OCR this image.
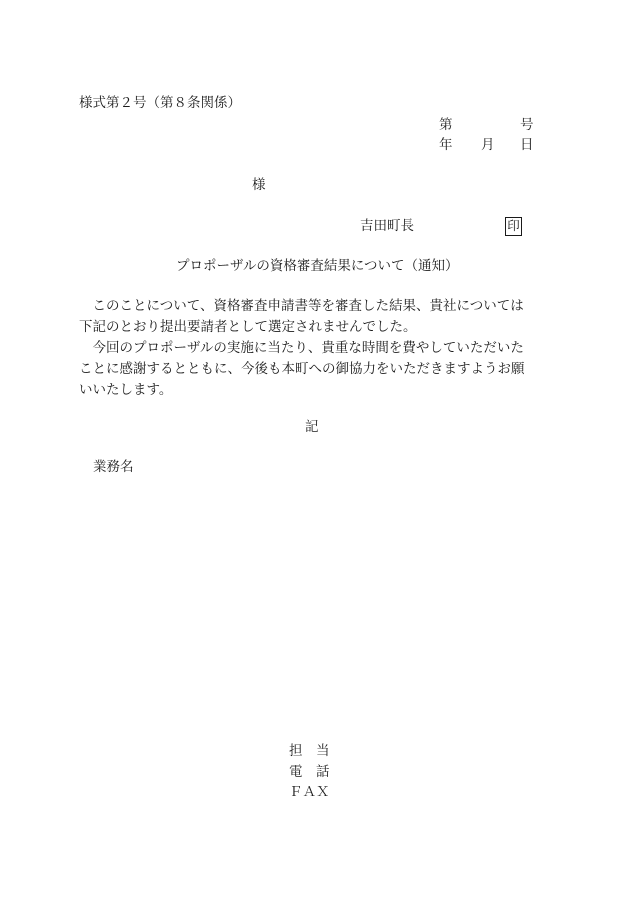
様式第２号（第８条関係）
第	号
年 月 日
様
吉田町長	印
プロポーザルの資格審査結果について（通知）

このことについて、資格審査申請書等を審査した結果、貴社については下記のとおり提出要請者として選定されませんでした。

今回のプロポーザルの実施に当たり、貴重な時間を費やしていただいたことに感謝するとともに、今後も本町への御協力をいただきますようお願いいたします。

記
業務名
担　当
電　話
ＦＡＸ
